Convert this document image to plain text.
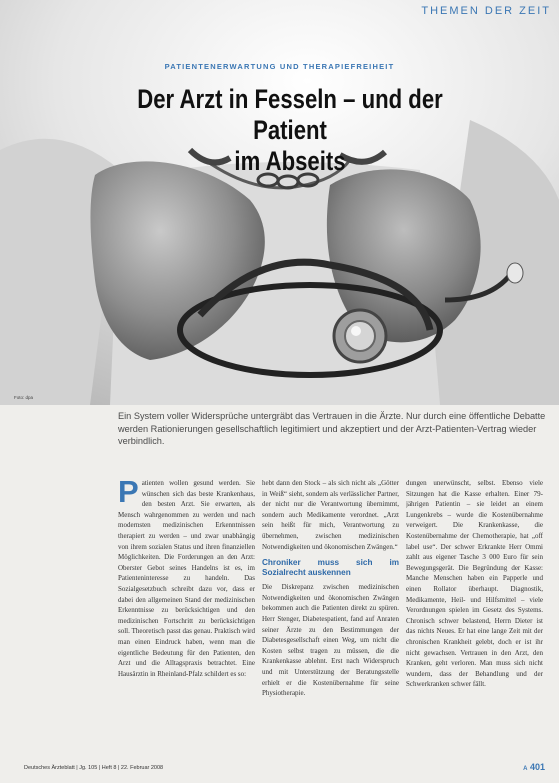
THEMEN DER ZEIT
PATIENTENERWARTUNG UND THERAPIEFREIHEIT
Der Arzt in Fesseln – und der Patient
im Abseits
Foto: dpa
Ein System voller Widersprüche untergräbt das Vertrauen in die Ärzte. Nur durch eine öffentliche Debatte werden Rationierungen gesellschaftlich legitimiert und akzeptiert und der Arzt-Patienten-Vertrag wieder verbindlich.
P atienten wollen gesund werden. Sie wünschen sich das beste Krankenhaus, den besten Arzt. Sie erwarten, als Mensch wahrgenommen zu werden und nach modernsten medizinischen Erkenntnissen therapiert zu werden – und zwar unabhängig von ihrem sozialen Status und ihren finanziellen Möglichkeiten. Die Forderungen an den Arzt: Oberster Gebot seines Handelns ist es, im Patienteninteresse zu handeln. Das Sozialgesetzbuch schreibt dazu vor, dass er dabei den allgemeinen Stand der medizinischen Erkenntnisse zu berücksichtigen und den medizinischen Fortschritt zu berücksichtigen soll. Theoretisch passt das genau. Praktisch wird man einen Eindruck haben, wenn man die eigentliche Bedeutung für den Patienten, den Arzt und die Alltagspraxis betrachtet. Eine Hausärztin in Rheinland-Pfalz schildert es so:
hebt dann den Stock – als sich nicht als „Götter in Weiß“ sieht, sondern als verlässlicher Partner, der nicht nur die Verantwortung übernimmt, sondern auch Medikamente verordnet. „Arzt sein heißt für mich, Verantwortung zu übernehmen, zwischen medizinischen Notwendigkeiten und ökonomischen Zwängen.“
Chroniker muss sich im Sozialrecht auskennen
Die Diskrepanz zwischen medizinischen Notwendigkeiten und ökonomischen Zwängen bekommen auch die Patienten direkt zu spüren. Herr Stenger, Diabetespatient, fand auf Anraten seiner Ärzte zu den Bestimmungen der Diabetesgesellschaft einen Weg, um nicht die Kosten selbst tragen zu müssen, die die Krankenkasse ablehnt. Erst nach Widerspruch und mit Unterstützung der Beratungsstelle erhielt er die Kostenübernahme für seine Physiotherapie.
dungen unerwünscht, selbst. Ebenso viele Sitzungen hat die Kasse erhalten. Einer 79-jährigen Patientin – sie leidet an einem Lungenkrebs – wurde die Kostenübernahme verweigert. Die Krankenkasse, die Kostenübernahme der Chemotherapie, hat „off label use“. Der schwer Erkrankte Herr Ommi zahlt aus eigener Tasche 3 000 Euro für sein Bewegungsgerät. Die Begründung der Kasse: Manche Menschen haben ein Papperle und einen Rollator überhaupt. Diagnostik, Medikamente, Heil- und Hilfsmittel – viele Verordnungen spielen im Gesetz des Systems. Chronisch schwer belastend, Herrn Dieter ist das nichts Neues. Er hat eine lange Zeit mit der chronischen Krankheit gelebt, doch er ist ihr nicht gewachsen. Vertrauen in den Arzt, den Kranken, geht verloren. Man muss sich nicht wundern, dass der Behandlung und der Schwerkranken schwer fällt.
Deutsches Ärzteblatt | Jg. 105 | Heft 8 | 22. Februar 2008	A 401
